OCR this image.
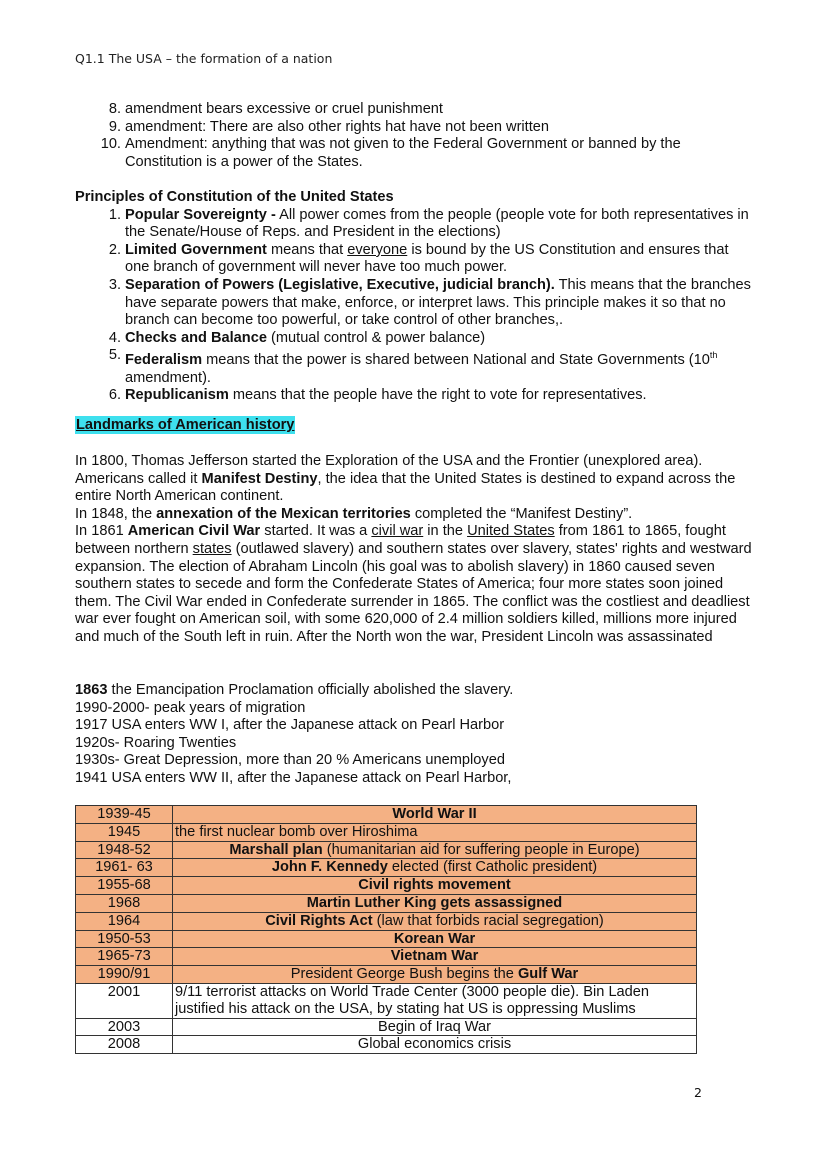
Q1.1 The USA – the formation of a nation
8. amendment bears excessive or cruel punishment
9. amendment: There are also other rights hat have not been written
10. Amendment: anything that was not given to the Federal Government or banned by the
Constitution is a power of the States.
Principles of Constitution of the United States
1. Popular Sovereignty - All power comes from the people (people vote for both representatives in the Senate/House of Reps. and President in the elections)
2. Limited Government means that everyone is bound by the US Constitution and ensures that one branch of government will never have too much power.
3. Separation of Powers (Legislative, Executive, judicial branch). This means that the branches have separate powers that make, enforce, or interpret laws. This principle makes it so that no branch can become too powerful, or take control of other branches,.
4. Checks and Balance (mutual control & power balance)
5. Federalism means that the power is shared between National and State Governments (10th amendment).
6. Republicanism means that the people have the right to vote for representatives.
Landmarks of American history

In 1800, Thomas Jefferson started the Exploration of the USA and the Frontier (unexplored area). Americans called it Manifest Destiny, the idea that the United States is destined to expand across the entire North American continent.

In 1848, the annexation of the Mexican territories completed the “Manifest Destiny”.

In 1861 American Civil War started. It was a civil war in the United States from 1861 to 1865, fought between northern states (outlawed slavery) and southern states over slavery, states' rights and westward expansion. The election of Abraham Lincoln (his goal was to abolish slavery) in 1860 caused seven southern states to secede and form the Confederate States of America; four more states soon joined them. The Civil War ended in Confederate surrender in 1865. The conflict was the costliest and deadliest war ever fought on American soil, with some 620,000 of 2.4 million soldiers killed, millions more injured and much of the South left in ruin. After the North won the war, President Lincoln was assassinated

1863 the Emancipation Proclamation officially abolished the slavery.

1990-2000- peak years of migration

1917 USA enters WW I, after the Japanese attack on Pearl Harbor

1920s- Roaring Twenties

1930s- Great Depression, more than 20 % Americans unemployed

1941 USA enters WW II, after the Japanese attack on Pearl Harbor,

1939-45	World War II
1945	the first nuclear bomb over Hiroshima
1948-52	Marshall plan (humanitarian aid for suffering people in Europe)
1961- 63	John F. Kennedy elected (first Catholic president)
1955-68	Civil rights movement
1968	Martin Luther King gets assassigned
1964	Civil Rights Act (law that forbids racial segregation)
1950-53	Korean War
1965-73	Vietnam War
1990/91	President George Bush begins the Gulf War
2001	9/11 terrorist attacks on World Trade Center (3000 people die). Bin Laden justified his attack on the USA, by stating hat US is oppressing Muslims
2003	Begin of Iraq War
2008	Global economics crisis
2
